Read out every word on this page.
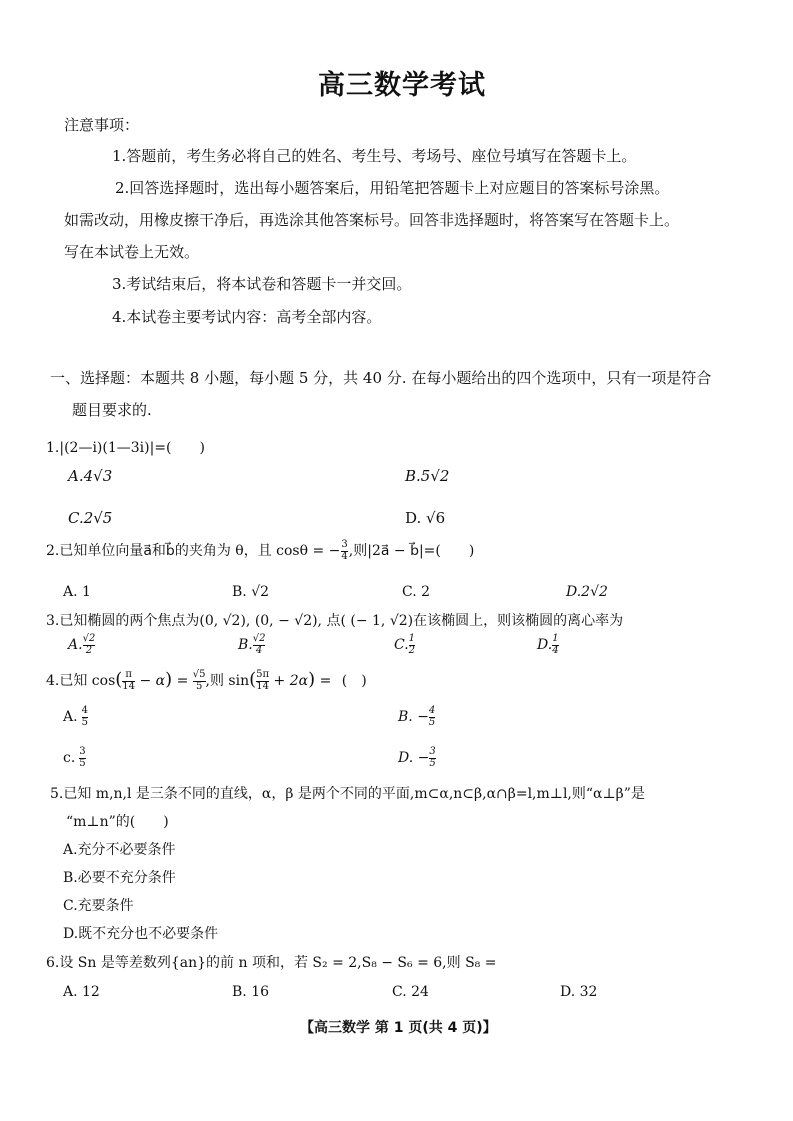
高三数学考试
注意事项：
1.答题前，考生务必将自己的姓名、考生号、考场号、座位号填写在答题卡上。
2.回答选择题时，选出每小题答案后，用铅笔把答题卡上对应题目的答案标号涂黑。
如需改动，用橡皮擦干净后，再选涂其他答案标号。回答非选择题时，将答案写在答题卡上。
写在本试卷上无效。
3.考试结束后，将本试卷和答题卡一并交回。
4.本试卷主要考试内容：高考全部内容。
一、选择题：本题共 8 小题，每小题 5 分，共 40 分. 在每小题给出的四个选项中，只有一项是符合
题目要求的.
1.|(2—i)(1—3i)|=(　　)
A.4√3	B.5√2
C.2√5	D. √6
2.已知单位向量a⃗和b⃗的夹角为 θ，且 cosθ = − $\frac{3}{4}$ ,则|2a⃗ − b⃗|=(　　)
A. 1	B. √2	C. 2	D.2√2
3.已知椭圆的两个焦点为(0, √2), (0, − √2), 点( (− 1, √2)在该椭圆上，则该椭圆的离心率为
A. $\frac{√2}{2}$	B. $\frac{√2}{4}$	C. $\frac{1}{2}$	D. $\frac{1}{4}$
4.已知 $\cos( \frac{\pi}{14} - \alpha) = \frac{√5}{5}$ ,则 $\sin( \frac{5\pi}{14} + 2\alpha)$ = (　)
A. $\frac{4}{5}$	B. − $\frac{4}{5}$
c. $\frac{3}{5}$	D. − $\frac{3}{5}$
5.已知 m,n,l 是三条不同的直线，α，β 是两个不同的平面,m⊂α,n⊂β,α∩β=l,m⊥l,则“α⊥β”是
“m⊥n”的(　　)
A.充分不必要条件
B.必要不充分条件
C.充要条件
D.既不充分也不必要条件
6.设 Sn 是等差数列{an}的前 n 项和，若 S₂ = 2,S₈ − S₆ = 6,则 S₈ =
A. 12	B. 16	C. 24	D. 32
【高三数学 第 1 页(共 4 页)】
